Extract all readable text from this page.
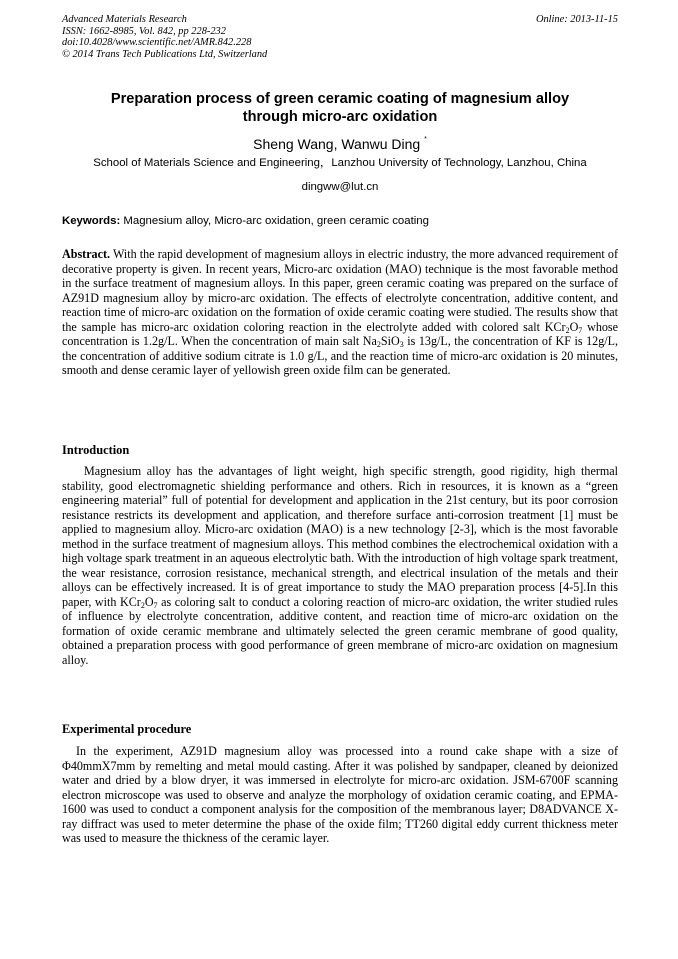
Advanced Materials Research
ISSN: 1662-8985, Vol. 842, pp 228-232
doi:10.4028/www.scientific.net/AMR.842.228
© 2014 Trans Tech Publications Ltd, Switzerland
Online: 2013-11-15
Preparation process of green ceramic coating of magnesium alloy
through micro-arc oxidation
Sheng Wang, Wanwu Ding *
School of Materials Science and Engineering，Lanzhou University of Technology, Lanzhou, China
dingww@lut.cn
Keywords: Magnesium alloy, Micro-arc oxidation, green ceramic coating
Abstract. With the rapid development of magnesium alloys in electric industry, the more advanced requirement of decorative property is given. In recent years, Micro-arc oxidation (MAO) technique is the most favorable method in the surface treatment of magnesium alloys. In this paper, green ceramic coating was prepared on the surface of AZ91D magnesium alloy by micro-arc oxidation. The effects of electrolyte concentration, additive content, and reaction time of micro-arc oxidation on the formation of oxide ceramic coating were studied. The results show that the sample has micro-arc oxidation coloring reaction in the electrolyte added with colored salt $KCr_2O_7$ whose concentration is 1.2g/L. When the concentration of main salt $Na_2SiO_3$ is 13g/L, the concentration of KF is 12g/L, the concentration of additive sodium citrate is 1.0 g/L, and the reaction time of micro-arc oxidation is 20 minutes, smooth and dense ceramic layer of yellowish green oxide film can be generated.
Introduction
Magnesium alloy has the advantages of light weight, high specific strength, good rigidity, high thermal stability, good electromagnetic shielding performance and others. Rich in resources, it is known as a “green engineering material” full of potential for development and application in the 21st century, but its poor corrosion resistance restricts its development and application, and therefore surface anti-corrosion treatment [1] must be applied to magnesium alloy. Micro-arc oxidation (MAO) is a new technology [2-3], which is the most favorable method in the surface treatment of magnesium alloys. This method combines the electrochemical oxidation with a high voltage spark treatment in an aqueous electrolytic bath. With the introduction of high voltage spark treatment, the wear resistance, corrosion resistance, mechanical strength, and electrical insulation of the metals and their alloys can be effectively increased. It is of great importance to study the MAO preparation process [4-5].In this paper, with $KCr_2O_7$ as coloring salt to conduct a coloring reaction of micro-arc oxidation, the writer studied rules of influence by electrolyte concentration, additive content, and reaction time of micro-arc oxidation on the formation of oxide ceramic membrane and ultimately selected the green ceramic membrane of good quality, obtained a preparation process with good performance of green membrane of micro-arc oxidation on magnesium alloy.
Experimental procedure
In the experiment, AZ91D magnesium alloy was processed into a round cake shape with a size of Φ40mmX7mm by remelting and metal mould casting. After it was polished by sandpaper, cleaned by deionized water and dried by a blow dryer, it was immersed in electrolyte for micro-arc oxidation. JSM-6700F scanning electron microscope was used to observe and analyze the morphology of oxidation ceramic coating, and EPMA-1600 was used to conduct a component analysis for the composition of the membranous layer; D8ADVANCE X-ray diffract was used to meter determine the phase of the oxide film; TT260 digital eddy current thickness meter was used to measure the thickness of the ceramic layer.
